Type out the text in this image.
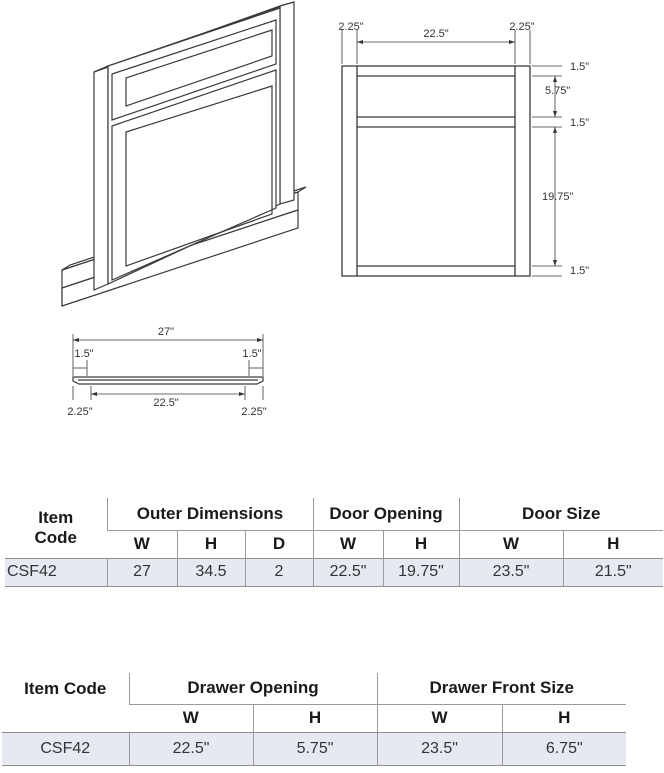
2.25"
22.5"
2.25"
1.5"
5.75"
1.5"
19.75"
1.5"
27"
1.5"	1.5"
22.5"
2.25"	2.25"
Item
Code	Outer Dimensions			Door Opening		Door Size	
	W	H	D	W	H	W	H
CSF42	27	34.5	2	22.5"	19.75"	23.5"	21.5"
Item Code	Drawer Opening		Drawer Front Size	
	W	H	W	H
CSF42	22.5"	5.75"	23.5"	6.75"
